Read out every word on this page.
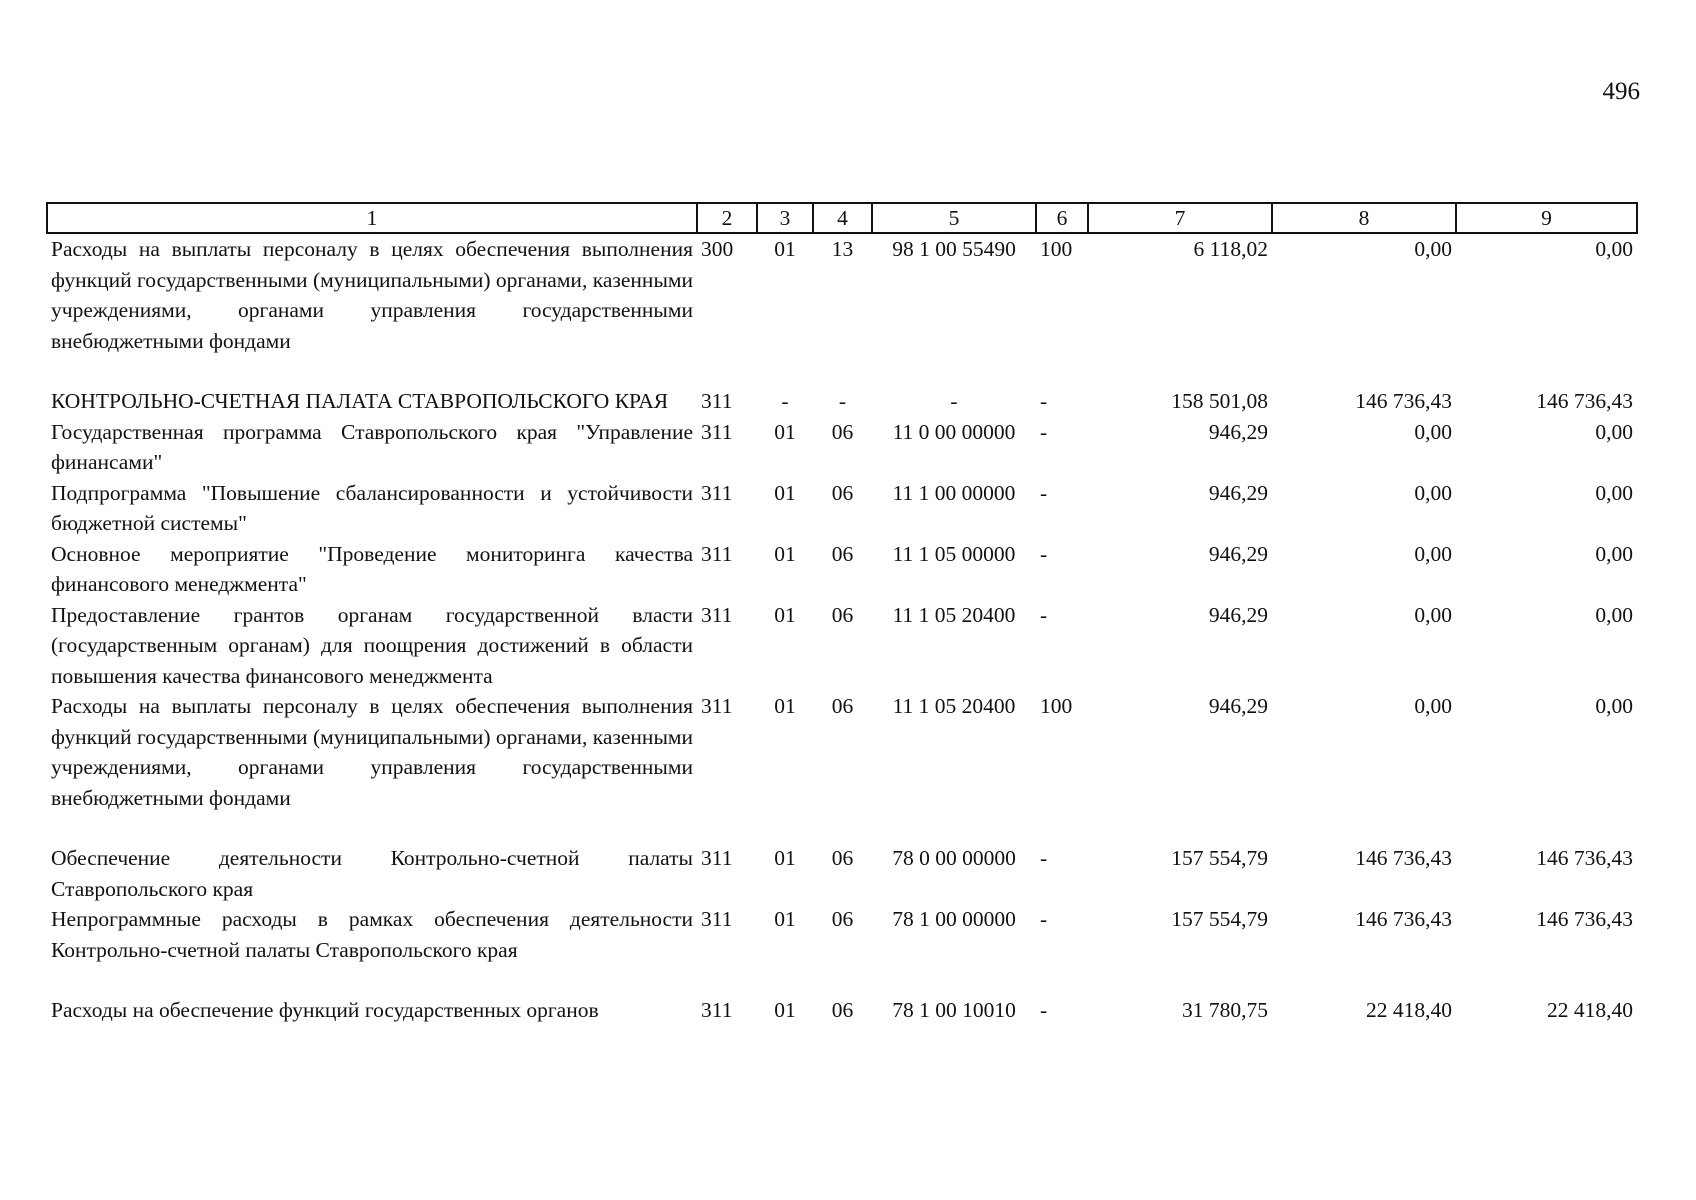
496
1	2	3	4	5	6	7	8	9
Расходы на выплаты персоналу в целях обеспечения выполнения функций государственными (муниципальными) органами, казенными учреждениями, органами управления государственными внебюджетными фондами	300	01	13	98 1 00 55490	100	6 118,02	0,00	0,00
КОНТРОЛЬНО-СЧЕТНАЯ ПАЛАТА СТАВРОПОЛЬСКОГО КРАЯ	311	-	-	-	-	158 501,08	146 736,43	146 736,43
Государственная программа Ставропольского края "Управление финансами"	311	01	06	11 0 00 00000	-	946,29	0,00	0,00
Подпрограмма "Повышение сбалансированности и устойчивости бюджетной системы"	311	01	06	11 1 00 00000	-	946,29	0,00	0,00
Основное мероприятие "Проведение мониторинга качества финансового менеджмента"	311	01	06	11 1 05 00000	-	946,29	0,00	0,00
Предоставление грантов органам государственной власти (государственным органам) для поощрения достижений в области повышения качества финансового менеджмента	311	01	06	11 1 05 20400	-	946,29	0,00	0,00
Расходы на выплаты персоналу в целях обеспечения выполнения функций государственными (муниципальными) органами, казенными учреждениями, органами управления государственными внебюджетными фондами	311	01	06	11 1 05 20400	100	946,29	0,00	0,00
Обеспечение деятельности Контрольно-счетной палаты Ставропольского края	311	01	06	78 0 00 00000	-	157 554,79	146 736,43	146 736,43
Непрограммные расходы в рамках обеспечения деятельности Контрольно-счетной палаты Ставропольского края	311	01	06	78 1 00 00000	-	157 554,79	146 736,43	146 736,43
Расходы на обеспечение функций государственных органов	311	01	06	78 1 00 10010	-	31 780,75	22 418,40	22 418,40
